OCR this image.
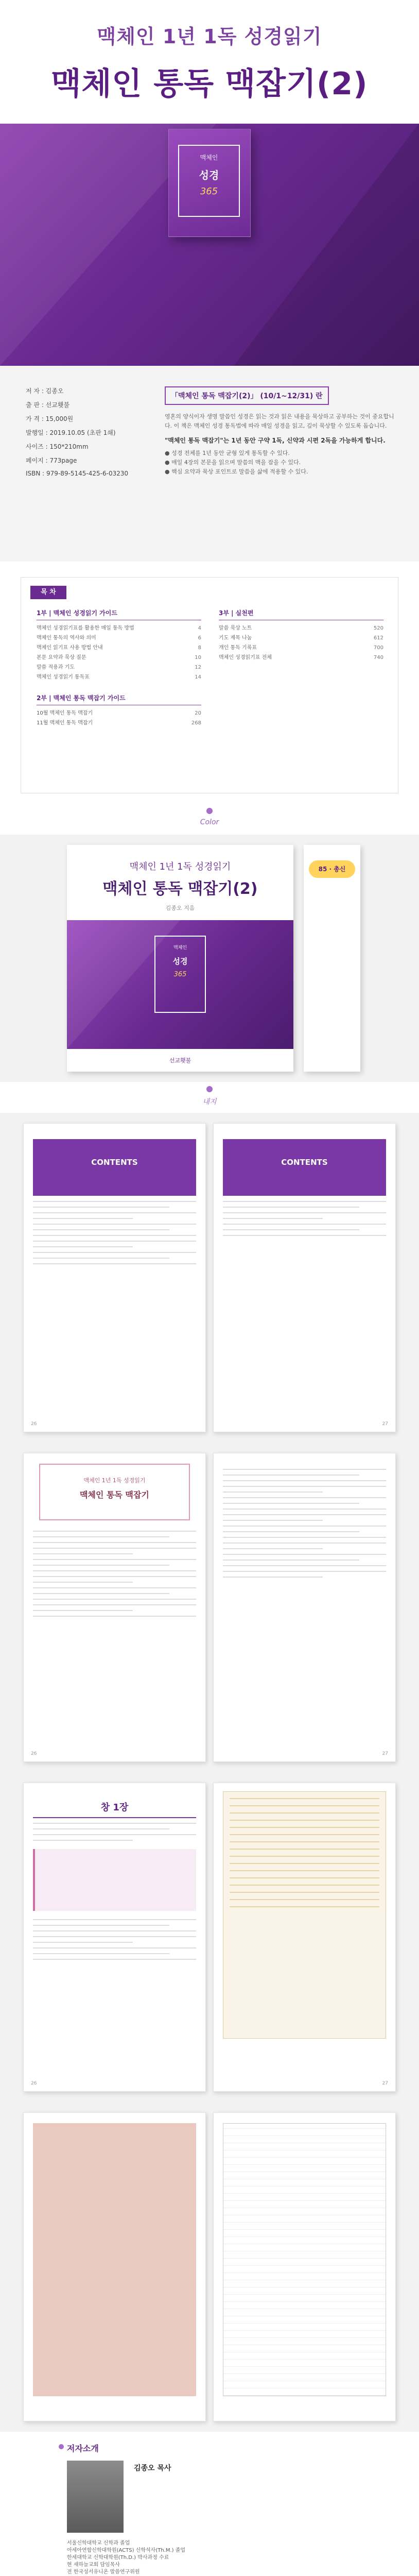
맥체인 1년 1독 성경읽기
맥체인 통독 맥잡기(2)
맥체인
성경
365
저 자 : 김종오
출 판 : 선교횃불
가 격 : 15,000원
발행일 : 2019.10.05 (초판 1쇄)
사이즈 : 150*210mm
페이지 : 773page
ISBN : 979-89-5145-425-6-03230
「맥체인 통독 맥잡기(2)」 (10/1~12/31) 란

영혼의 양식이자 생명 말씀인 성경은 읽는 것과 읽은 내용을 묵상하고 공부하는 것이 중요합니다. 이 책은 맥체인 성경 통독법에 따라 매일 성경을 읽고, 깊이 묵상할 수 있도록 돕습니다.

"맥체인 통독 맥잡기"는 1년 동안 구약 1독, 신약과 시편 2독을 가능하게 합니다.

● 성경 전체를 1년 동안 균형 있게 통독할 수 있다.
● 매일 4장의 본문을 읽으며 말씀의 맥을 잡을 수 있다.
● 핵심 요약과 묵상 포인트로 말씀을 삶에 적용할 수 있다.
목 차
1부 | 맥체인 성경읽기 가이드
맥체인 성경읽기표를 활용한 매일 통독 방법	4
맥체인 통독의 역사와 의미	6
맥체인 읽기표 사용 방법 안내	8
본문 요약과 묵상 질문	10
말씀 적용과 기도	12
맥체인 성경읽기 통독표	14
2부 | 맥체인 통독 맥잡기 가이드
10월 맥체인 통독 맥잡기	20
11월 맥체인 통독 맥잡기	268
3부 | 실천편
말씀 묵상 노트	520
기도 제목 나눔	612
개인 통독 기록표	700
맥체인 성경읽기표 전체	740
Color
맥체인 1년 1독 성경읽기
맥체인 통독 맥잡기(2)
김종오 지음
맥체인
성경
365
선교횃불
85 · 총신
내지
CONTENTS
26
CONTENTS
27
맥체인 1년 1독 성경읽기
맥체인 통독 맥잡기
26	27
창 1장
26	27
저자소개
김종오 목사
서울신학대학교 신학과 졸업
아세아연합신학대학원(ACTS) 신학석사(Th.M.) 졸업
한세대학교 신학대학원(Th.D.) 박사과정 수료
현 새하늘교회 담임목사
전 한국성서유니온 말씀연구위원
